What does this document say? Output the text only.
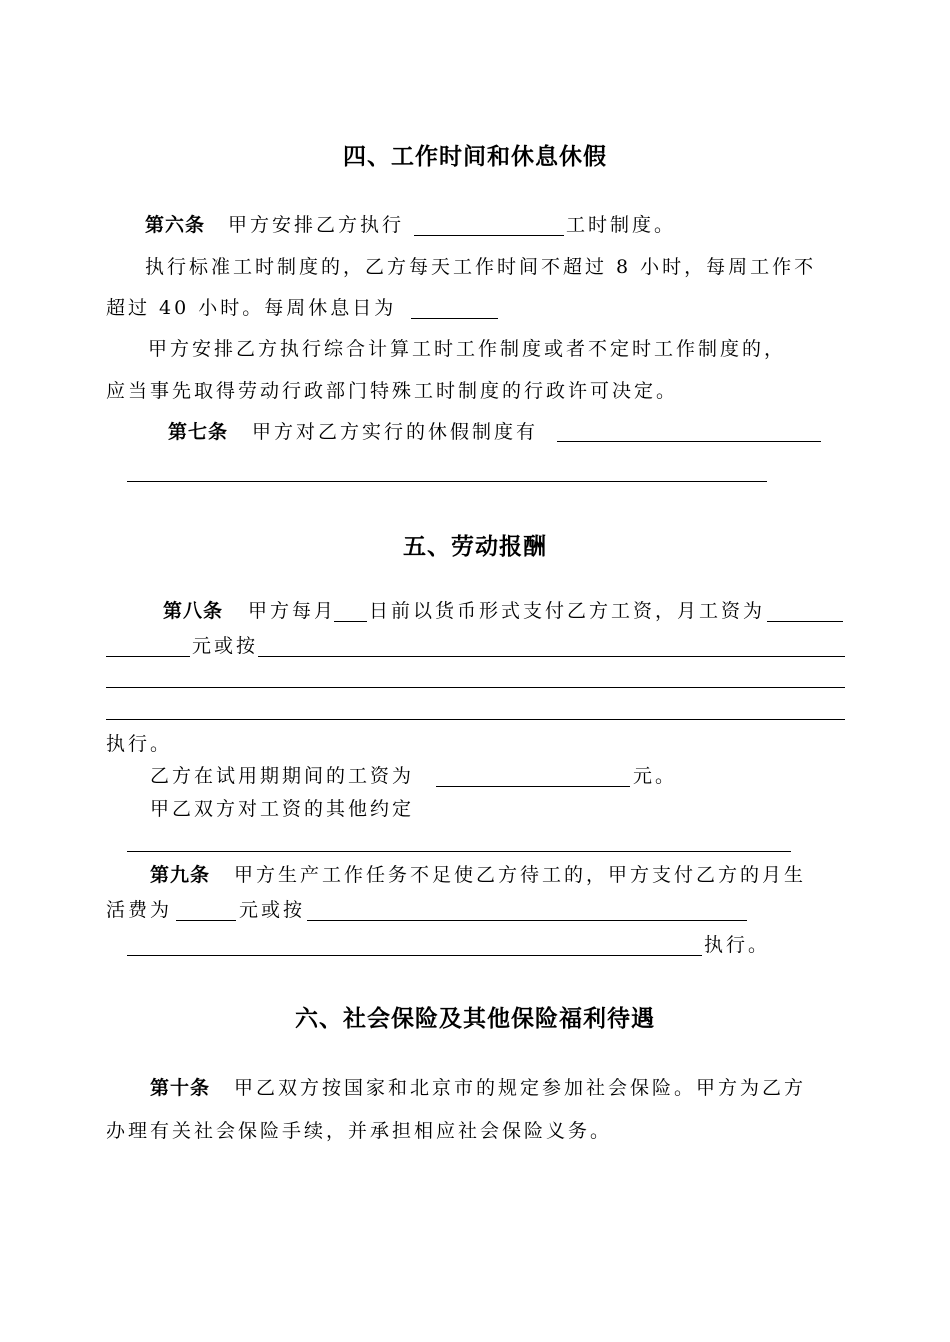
四、工作时间和休息休假
第六条 甲方安排乙方执行	工时制度。
执行标准工时制度的，乙方每天工作时间不超过 8 小时，每周工作不
超过 40 小时。每周休息日为
甲方安排乙方执行综合计算工时工作制度或者不定时工作制度的，
应当事先取得劳动行政部门特殊工时制度的行政许可决定。
第七条 甲方对乙方实行的休假制度有
五、劳动报酬
第八条 甲方每月 日前以货币形式支付乙方工资，月工资为
元或按
执行。
乙方在试用期期间的工资为	元。
甲乙双方对工资的其他约定
第九条 甲方生产工作任务不足使乙方待工的，甲方支付乙方的月生
活费为	元或按
执行。
六、社会保险及其他保险福利待遇
第十条 甲乙双方按国家和北京市的规定参加社会保险。甲方为乙方
办理有关社会保险手续，并承担相应社会保险义务。
